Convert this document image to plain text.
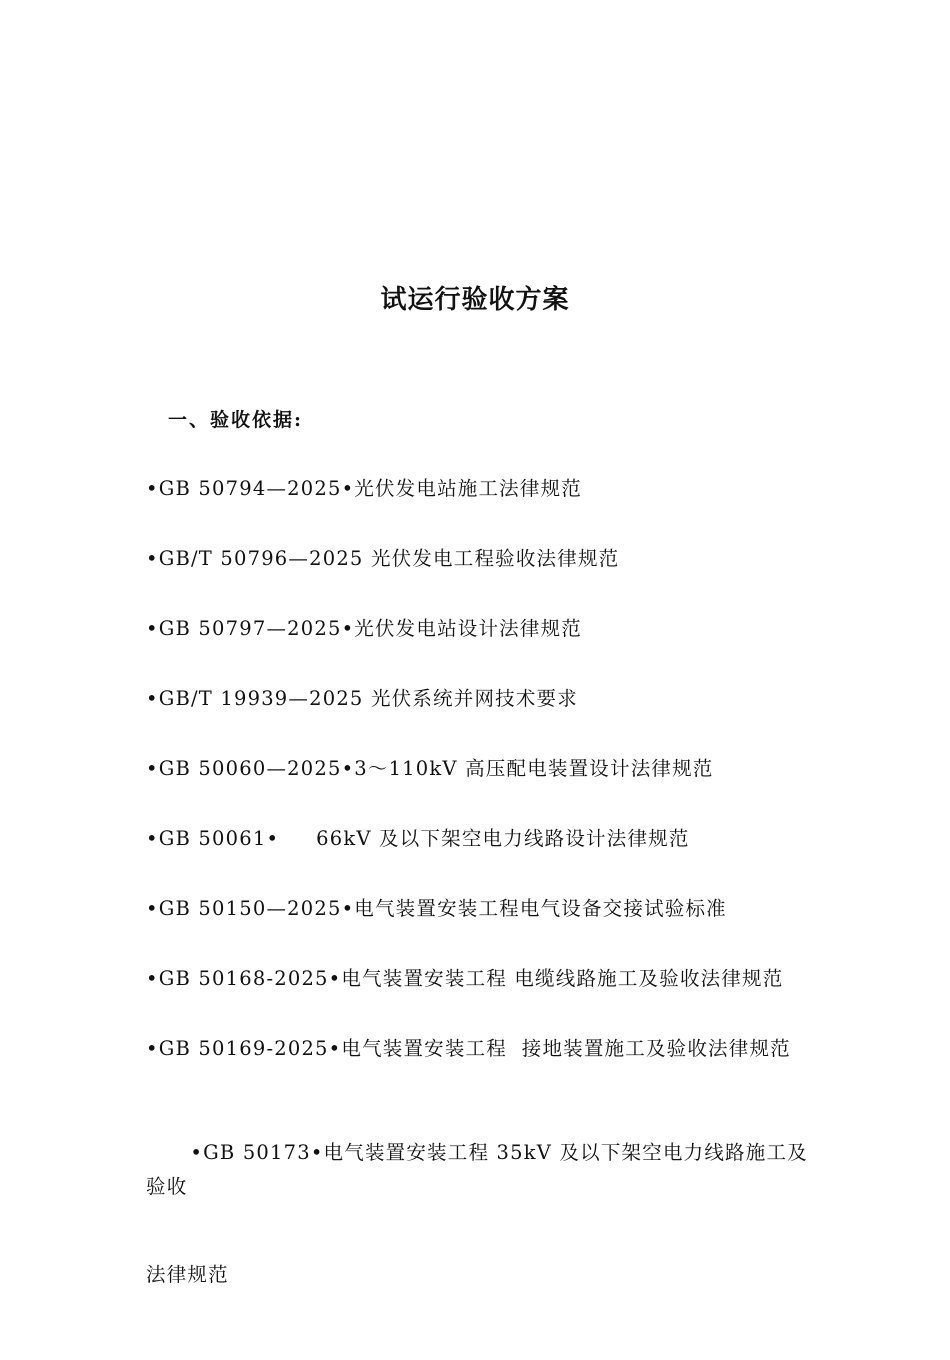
试运行验收方案
一、验收依据:
•GB 50794—2025•光伏发电站施工法律规范
•GB/T 50796—2025 光伏发电工程验收法律规范
•GB 50797—2025•光伏发电站设计法律规范
•GB/T 19939—2025 光伏系统并网技术要求
•GB 50060—2025•3～110kV 高压配电装置设计法律规范
•GB 50061•     66kV 及以下架空电力线路设计法律规范
•GB 50150—2025•电气装置安装工程电气设备交接试验标准
•GB 50168-2025•电气装置安装工程 电缆线路施工及验收法律规范
•GB 50169-2025•电气装置安装工程  接地装置施工及验收法律规范

•GB 50173•电气装置安装工程 35kV 及以下架空电力线路施工及验收

法律规范
